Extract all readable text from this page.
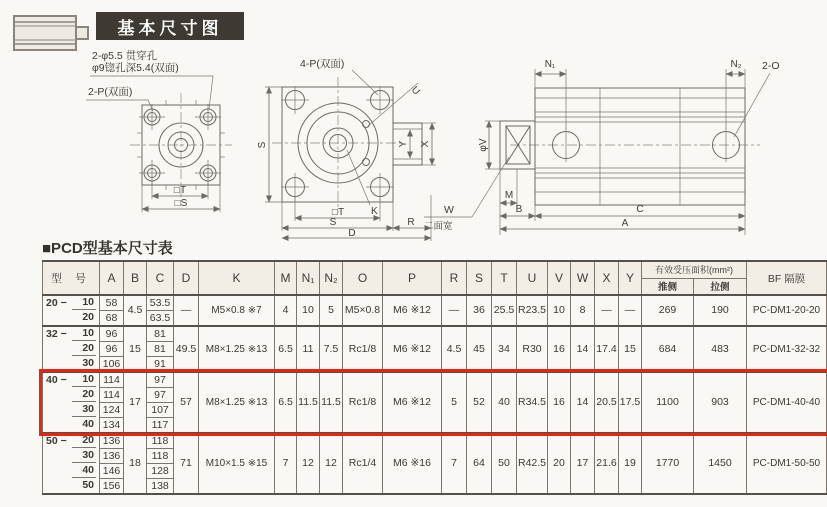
基本尺寸图
2-φ5.5 贯穿孔
φ9锪孔深5.4(双面)
2-P(双面)
□T
□S
4-P(双面)
Y X
S
U
K
□T
S	R
D
φV
N₁	N₂ 2-O
W
二面宽
M
B	C
A
■PCD型基本尺寸表
型 号	A	B	C	D	K	M	N₁	N₂	O	P	R	S	T	U	V	W	X	Y	有效受压面积(mm²)		BF 隔膜
																			推侧	拉侧	

20 − 10	58	4.5	53.5	—	M5×0.8 ※7	4	10	5	M5×0.8	M6 ※12	—	36	25.5	R23.5	10	8	—	—	269	190	PC-DM1-20-20

20	68		63.5																		

32 − 10	96	15	81	49.5	M8×1.25 ※13	6.5	11	7.5	Rc1/8	M6 ※12	4.5	45	34	R30	16	14	17.4	15	684	483	PC-DM1-32-32

20	96		81																		

30	106		91																		

40 − 10	114	17	97	57	M8×1.25 ※13	6.5	11.5	11.5	Rc1/8	M6 ※12	5	52	40	R34.5	16	14	20.5	17.5	1100	903	PC-DM1-40-40

20	114		97																		

30	124		107																		

40	134		117																		

50 − 20	136	18	118	71	M10×1.5 ※15	7	12	12	Rc1/4	M6 ※16	7	64	50	R42.5	20	17	21.6	19	1770	1450	PC-DM1-50-50

30	136		118																		

40	146		128																		

50	156		138																		
